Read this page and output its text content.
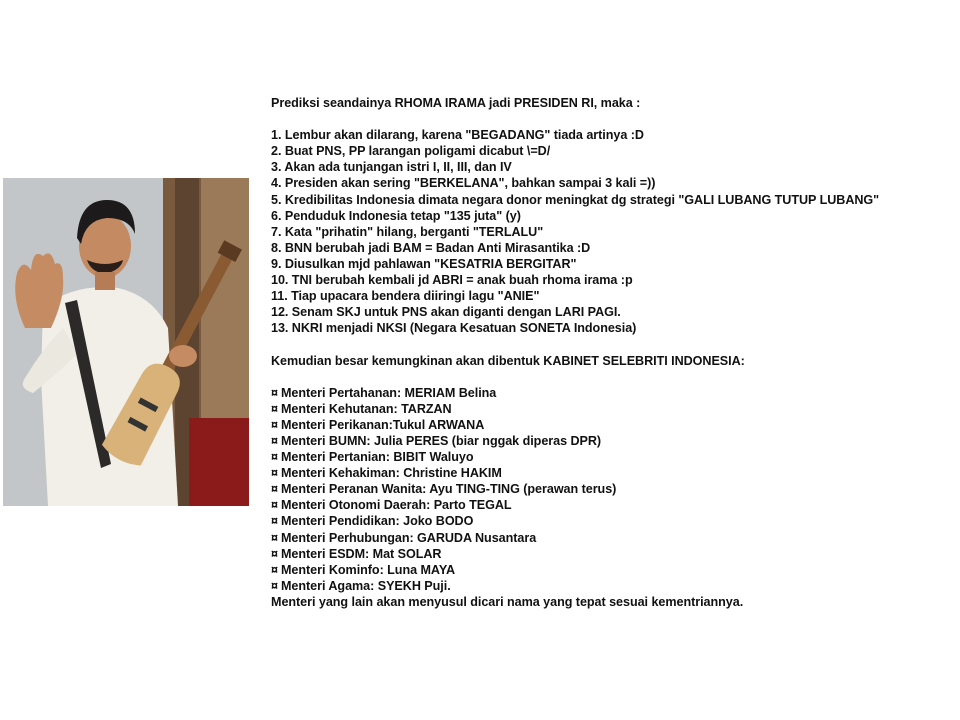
Prediksi seandainya RHOMA IRAMA jadi PRESIDEN RI, maka :

1. Lembur akan dilarang, karena "BEGADANG" tiada artinya :D

2. Buat PNS, PP larangan poligami dicabut \=D/

3. Akan ada tunjangan istri I, II, III, dan IV

4. Presiden akan sering "BERKELANA", bahkan sampai 3 kali =))

5. Kredibilitas Indonesia dimata negara donor meningkat dg strategi "GALI LUBANG TUTUP LUBANG"

6. Penduduk Indonesia tetap "135 juta" (y)

7. Kata "prihatin" hilang, berganti "TERLALU"

8. BNN berubah jadi BAM = Badan Anti Mirasantika :D

9. Diusulkan mjd pahlawan "KESATRIA BERGITAR"

10. TNI berubah kembali jd ABRI = anak buah rhoma irama :p

11. Tiap upacara bendera diiringi lagu "ANIE"

12. Senam SKJ untuk PNS akan diganti dengan LARI PAGI.

13. NKRI menjadi NKSI (Negara Kesatuan SONETA Indonesia)

Kemudian besar kemungkinan akan dibentuk KABINET SELEBRITI INDONESIA:

¤ Menteri Pertahanan: MERIAM Belina

¤ Menteri Kehutanan: TARZAN

¤ Menteri Perikanan:Tukul ARWANA

¤ Menteri BUMN: Julia PERES (biar nggak diperas DPR)

¤ Menteri Pertanian: BIBIT Waluyo

¤ Menteri Kehakiman: Christine HAKIM

¤ Menteri Peranan Wanita: Ayu TING-TING (perawan terus)

¤ Menteri Otonomi Daerah: Parto TEGAL

¤ Menteri Pendidikan: Joko BODO

¤ Menteri Perhubungan: GARUDA Nusantara

¤ Menteri ESDM: Mat SOLAR

¤ Menteri Kominfo: Luna MAYA

¤ Menteri Agama: SYEKH Puji.

Menteri yang lain akan menyusul dicari nama yang tepat sesuai kementriannya.
